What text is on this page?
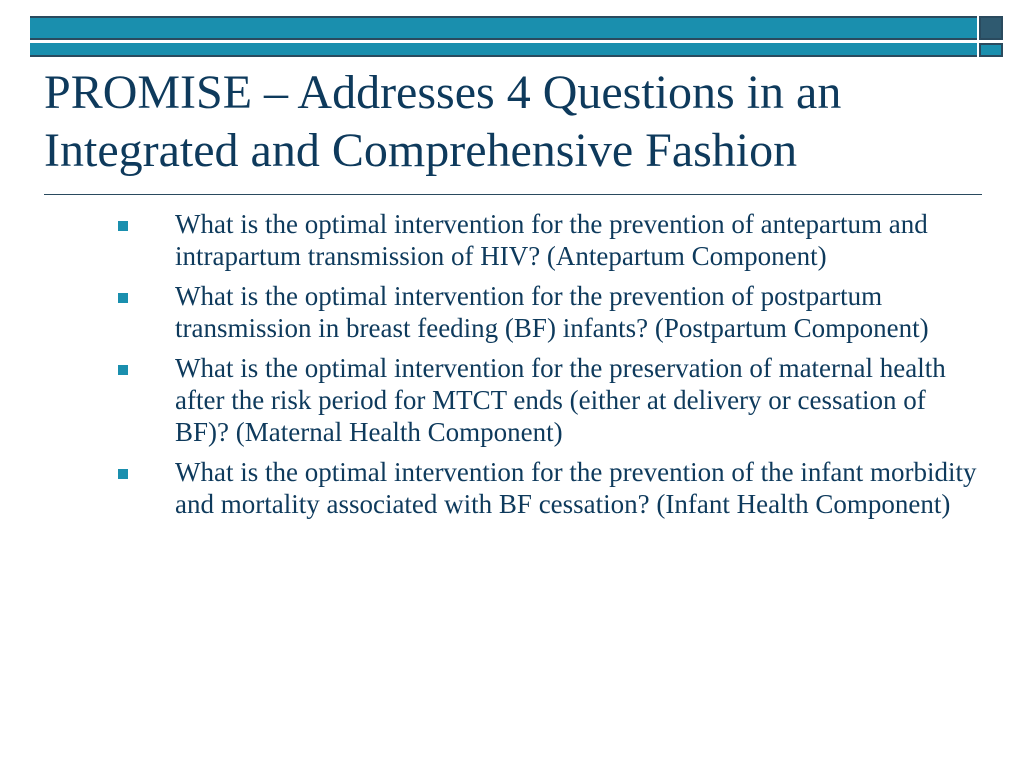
PROMISE – Addresses 4 Questions in an Integrated and Comprehensive Fashion
What is the optimal intervention for the prevention of antepartum and intrapartum transmission of HIV? (Antepartum Component)
What is the optimal intervention for the prevention of postpartum transmission in breast feeding (BF) infants? (Postpartum Component)
What is the optimal intervention for the preservation of maternal health after the risk period for MTCT ends (either at delivery or cessation of BF)? (Maternal Health Component)
What is the optimal intervention for the prevention of the infant morbidity and mortality associated with BF cessation? (Infant Health Component)
